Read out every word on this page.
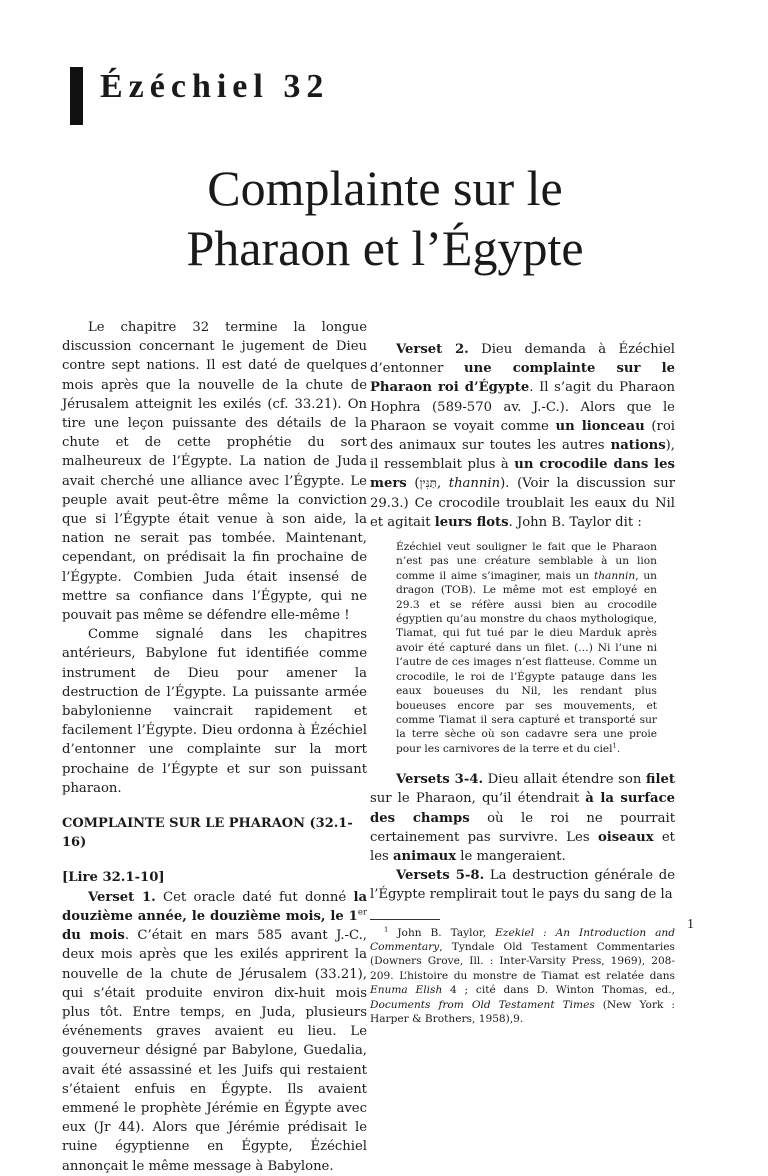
Ézéchiel 32
Complainte sur le
Pharaon et l’Égypte

Le chapitre 32 termine la longue discussion concernant le jugement de Dieu contre sept nations. Il est daté de quelques mois après que la nouvelle de la chute de Jérusalem atteignit les exilés (cf. 33.21). On tire une leçon puissante des détails de la chute et de cette prophétie du sort malheureux de l’Égypte. La nation de Juda avait cherché une alliance avec l’Égypte. Le peuple avait peut-être même la conviction que si l’Égypte était venue à son aide, la nation ne serait pas tombée. Maintenant, cependant, on prédisait la fin prochaine de l’Égypte. Combien Juda était insensé de mettre sa confiance dans l’Égypte, qui ne pouvait pas même se défendre elle-même !

Comme signalé dans les chapitres antérieurs, Babylone fut identifiée comme instrument de Dieu pour amener la destruction de l’Égypte. La puissante armée babylonienne vaincrait rapidement et facilement l’Égypte. Dieu ordonna à Ézéchiel d’entonner une complainte sur la mort prochaine de l’Égypte et sur son puissant pharaon.

COMPLAINTE SUR LE PHARAON (32.1-16)
[Lire 32.1-10]

Verset 1. Cet oracle daté fut donné la douzième année, le douzième mois, le 1er du mois. C’était en mars 585 avant J.-C., deux mois après que les exilés apprirent la nouvelle de la chute de Jérusalem (33.21), qui s’était produite environ dix-huit mois plus tôt. Entre temps, en Juda, plusieurs événements graves avaient eu lieu. Le gouverneur désigné par Babylone, Guedalia, avait été assassiné et les Juifs qui restaient s’étaient enfuis en Égypte. Ils avaient emmené le prophète Jérémie en Égypte avec eux (Jr 44). Alors que Jérémie prédisait le ruine égyptienne en Égypte, Ézéchiel annonçait le même message à Babylone.

Verset 2. Dieu demanda à Ézéchiel d’entonner une complainte sur le Pharaon roi d’Égypte. Il s’agit du Pharaon Hophra (589-570 av. J.-C.). Alors que le Pharaon se voyait comme un lionceau (roi des animaux sur toutes les autres nations), il ressemblait plus à un crocodile dans les mers (תַּנִּין, thannin). (Voir la discussion sur 29.3.) Ce crocodile troublait les eaux du Nil et agitait leurs flots. John B. Taylor dit :

Ézéchiel veut souligner le fait que le Pharaon n’est pas une créature semblable à un lion comme il aime s’imaginer, mais un thannin, un dragon (TOB). Le même mot est employé en 29.3 et se réfère aussi bien au crocodile égyptien qu’au monstre du chaos mythologique, Tiamat, qui fut tué par le dieu Marduk après avoir été capturé dans un filet. (…) Ni l’une ni l’autre de ces images n’est flatteuse. Comme un crocodile, le roi de l’Égypte patauge dans les eaux boueuses du Nil, les rendant plus boueuses encore par ses mouvements, et comme Tiamat il sera capturé et transporté sur la terre sèche où son cadavre sera une proie pour les carnivores de la terre et du ciel$^1$.

Versets 3-4. Dieu allait étendre son filet sur le Pharaon, qu’il étendrait à la surface des champs où le roi ne pourrait certainement pas survivre. Les oiseaux et les animaux le mangeraient.

Versets 5-8. La destruction générale de l’Égypte remplirait tout le pays du sang de la

$^1$ John B. Taylor, Ezekiel : An Introduction and Commentary, Tyndale Old Testament Commentaries (Downers Grove, Ill. : Inter-Varsity Press, 1969), 208-209. L’histoire du monstre de Tiamat est relatée dans Enuma Elish 4 ; cité dans D. Winton Thomas, ed., Documents from Old Testament Times (New York : Harper & Brothers, 1958),9.
1
